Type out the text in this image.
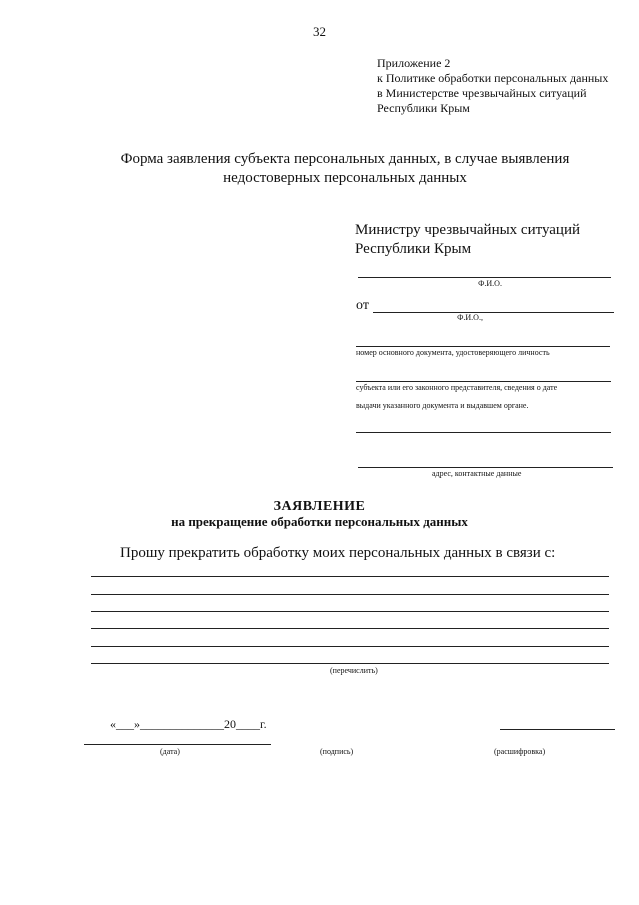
32
Приложение 2
к Политике обработки персональных данных
в Министерстве чрезвычайных ситуаций
Республики Крым
Форма заявления субъекта персональных данных, в случае выявления
недостоверных персональных данных
Министру чрезвычайных ситуаций
Республики Крым
Ф.И.О.
от
Ф.И.О.,
номер основного документа, удостоверяющего личность
субъекта или его законного представителя, сведения о дате
выдачи указанного документа и выдавшем органе.
адрес, контактные данные
ЗАЯВЛЕНИЕ
на прекращение обработки персональных данных
Прошу прекратить обработку моих персональных данных в связи с:
(перечислить)
«___»______________20____г.
(дата)	(подпись)	(расшифровка)
